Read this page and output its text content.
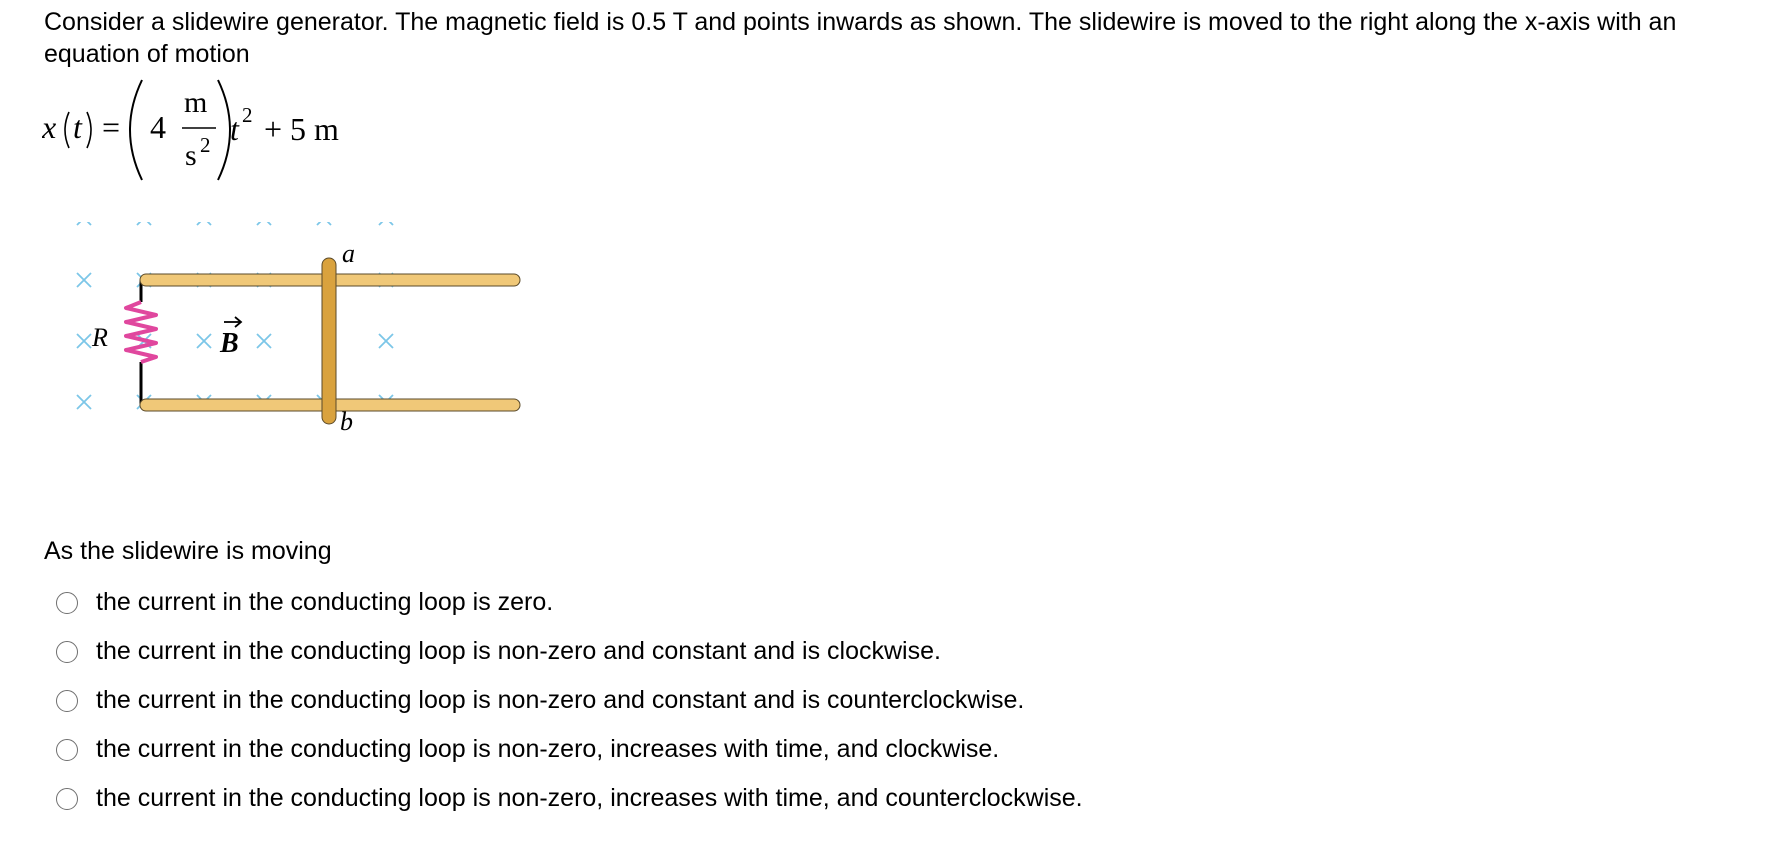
Consider a slidewire generator. The magnetic field is 0.5 T and points inwards as shown. The slidewire is moved to the right along the x-axis with an equation of motion
x t = 4
m
s 2 t 2 + 5 m
a
b
R	B
As the slidewire is moving
the current in the conducting loop is zero.
the current in the conducting loop is non-zero and constant and is clockwise.
the current in the conducting loop is non-zero and constant and is counterclockwise.
the current in the conducting loop is non-zero, increases with time, and clockwise.
the current in the conducting loop is non-zero, increases with time, and counterclockwise.
